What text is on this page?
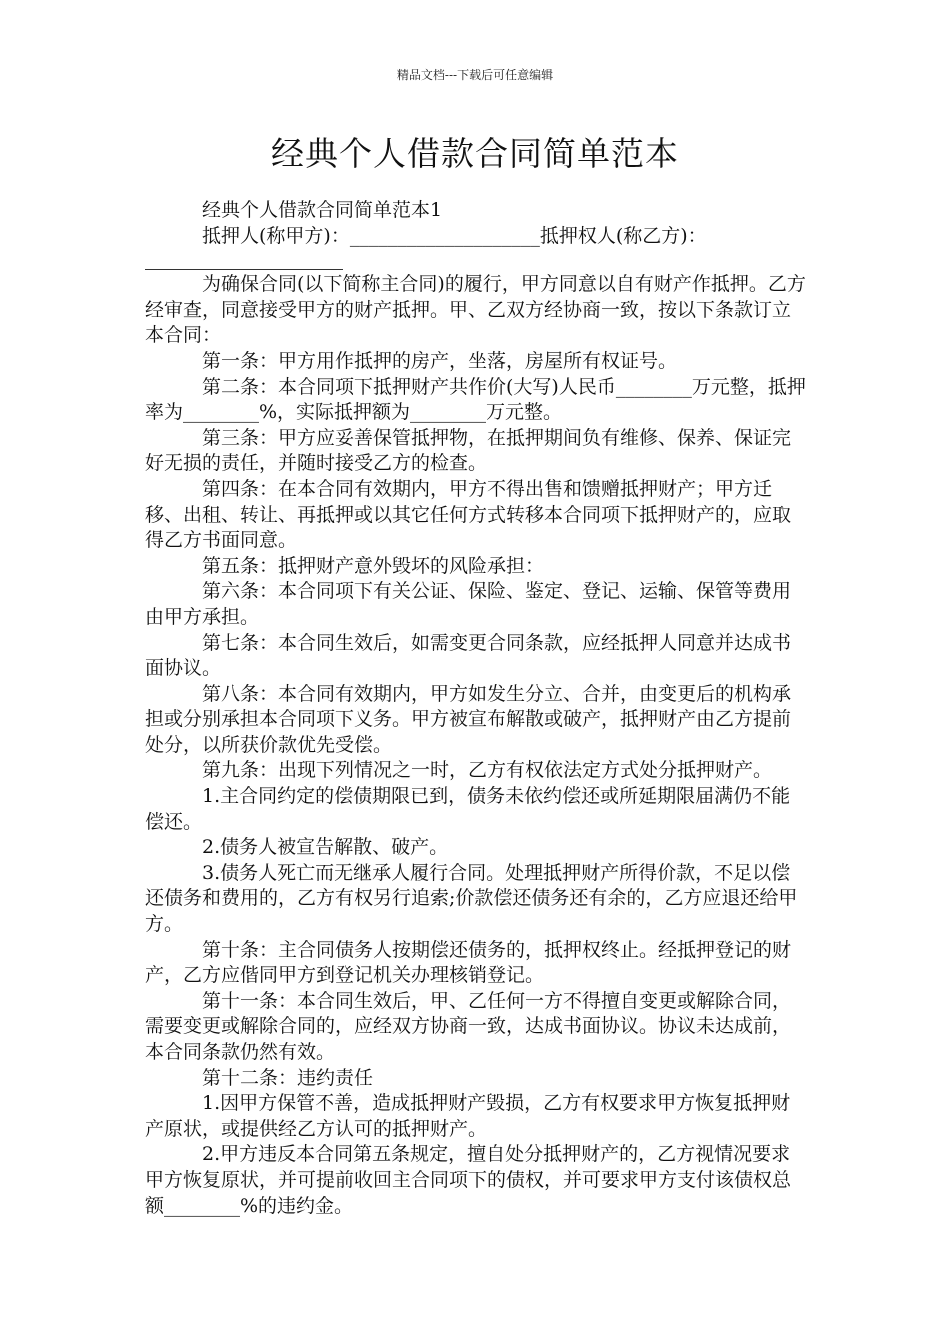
精品文档---下载后可任意编辑
经典个人借款合同简单范本

经典个人借款合同简单范本1

抵押人(称甲方)：____________________抵押权人(称乙方)：

为确保合同(以下简称主合同)的履行，甲方同意以自有财产作抵押。乙方经审查，同意接受甲方的财产抵押。甲、乙双方经协商一致，按以下条款订立本合同：

第一条：甲方用作抵押的房产，坐落，房屋所有权证号。

第二条：本合同项下抵押财产共作价(大写)人民币________万元整，抵押率为________%，实际抵押额为________万元整。

第三条：甲方应妥善保管抵押物，在抵押期间负有维修、保养、保证完好无损的责任，并随时接受乙方的检查。

第四条：在本合同有效期内，甲方不得出售和馈赠抵押财产；甲方迁移、出租、转让、再抵押或以其它任何方式转移本合同项下抵押财产的，应取得乙方书面同意。

第五条：抵押财产意外毁坏的风险承担：

第六条：本合同项下有关公证、保险、鉴定、登记、运输、保管等费用由甲方承担。

第七条：本合同生效后，如需变更合同条款，应经抵押人同意并达成书面协议。

第八条：本合同有效期内，甲方如发生分立、合并，由变更后的机构承担或分别承担本合同项下义务。甲方被宣布解散或破产，抵押财产由乙方提前处分，以所获价款优先受偿。

第九条：出现下列情况之一时，乙方有权依法定方式处分抵押财产。

1.主合同约定的偿债期限已到，债务未依约偿还或所延期限届满仍不能偿还。

2.债务人被宣告解散、破产。

3.债务人死亡而无继承人履行合同。处理抵押财产所得价款，不足以偿还债务和费用的，乙方有权另行追索;价款偿还债务还有余的，乙方应退还给甲方。

第十条：主合同债务人按期偿还债务的，抵押权终止。经抵押登记的财产，乙方应偕同甲方到登记机关办理核销登记。

第十一条：本合同生效后，甲、乙任何一方不得擅自变更或解除合同，需要变更或解除合同的，应经双方协商一致，达成书面协议。协议未达成前，本合同条款仍然有效。

第十二条：违约责任

1.因甲方保管不善，造成抵押财产毁损，乙方有权要求甲方恢复抵押财产原状，或提供经乙方认可的抵押财产。

2.甲方违反本合同第五条规定，擅自处分抵押财产的，乙方视情况要求甲方恢复原状，并可提前收回主合同项下的债权，并可要求甲方支付该债权总额________%的违约金。
